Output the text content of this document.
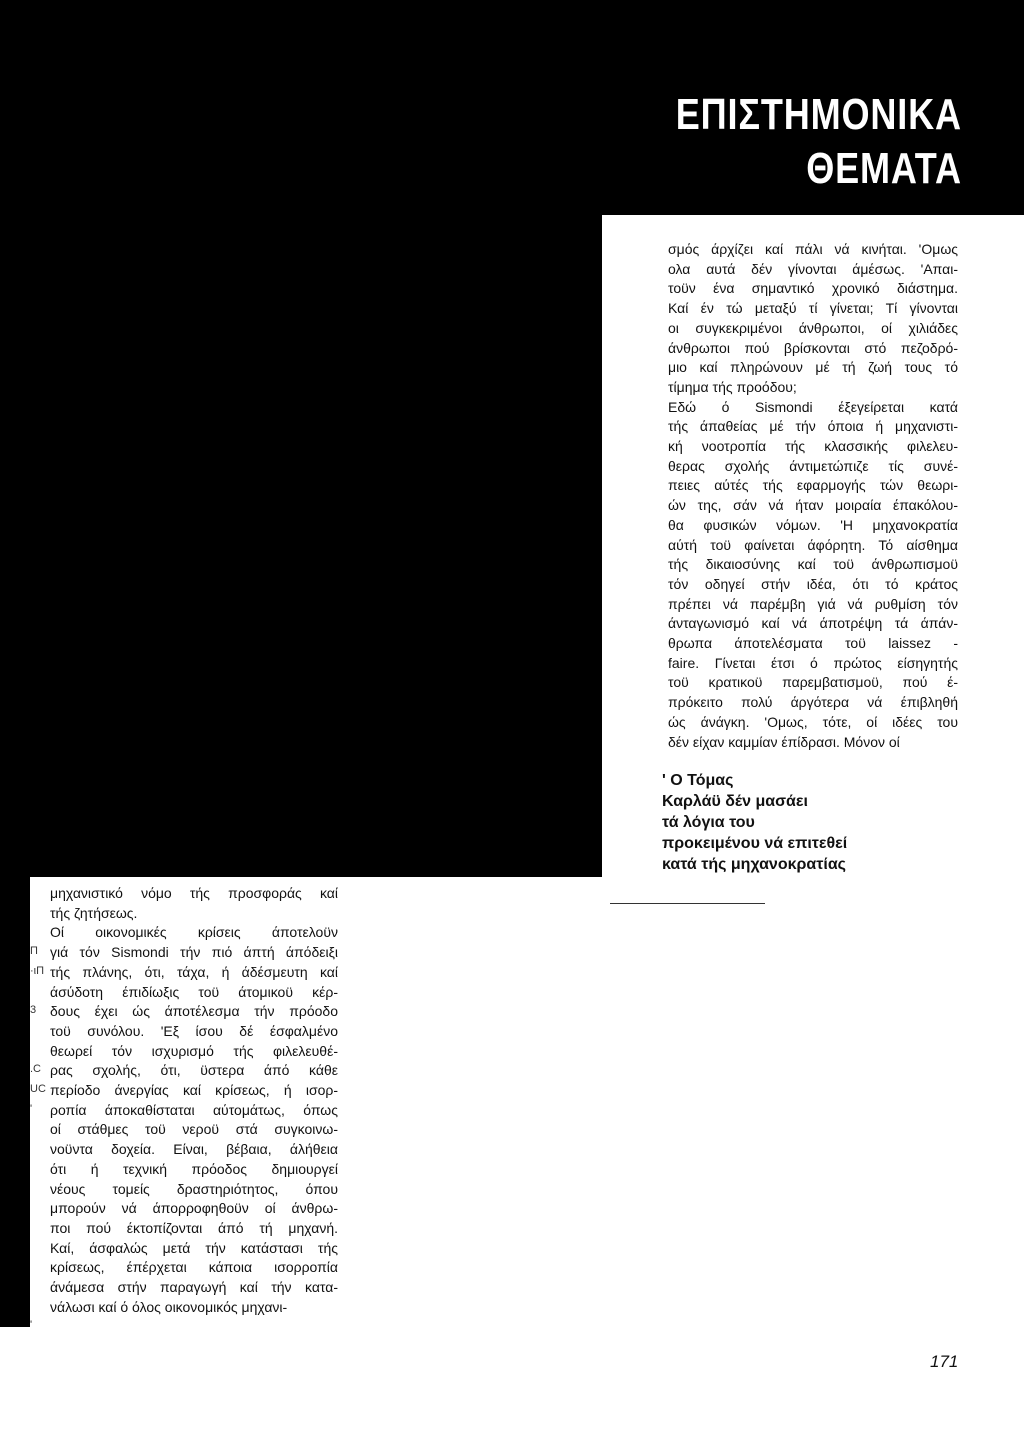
ΕΠΙΣΤΗΜΟΝΙΚΑ
ΘΕΜΑΤΑ
σμός άρχίζει καί πάλι νά κινήται. 'Ομως
ολα αυτά δέν γίνονται άμέσως. 'Απαι-
τοϋν ένα σημαντικό χρονικό διάστημα.
Καί έν τώ μεταξύ τί γίνεται; Τί γίνονται
οι συγκεκριμένοι άνθρωποι, οί χιλιάδες
άνθρωποι πού βρίσκονται στό πεζοδρό-
μιο καί πληρώνουν μέ τή ζωή τους τό
τίμημα τής προόδου;
Εδώ ό Sismondi έξεγείρεται κατά
τής άπαθείας μέ τήν όποια ή μηχανιστι-
κή νοοτροπία τής κλασσικής φιλελευ-
θερας σχολής άντιμετώπιζε τίς συνέ-
πειες αύτές τής εφαρμογής τών θεωρι-
ών της, σάν νά ήταν μοιραία έπακόλου-
θα φυσικών νόμων. 'Η μηχανοκρατία
αύτή τοϋ φαίνεται άφόρητη. Τό αίσθημα
τής δικαιοσύνης καί τοϋ άνθρωπισμοϋ
τόν οδηγεί στήν ιδέα, ότι τό κράτος
πρέπει νά παρέμβη γιά νά ρυθμίση τόν
άνταγωνισμό καί νά άποτρέψη τά άπάν-
θρωπα άποτελέσματα τοϋ laissez -
faire. Γίνεται έτσι ό πρώτος είσηγητής
τοϋ κρατικοϋ παρεμβατισμοϋ, πού έ-
πρόκειτο πολύ άργότερα νά έπιβληθή
ώς άνάγκη. 'Ομως, τότε, οί ιδέες του
δέν είχαν καμμίαν έπίδρασι. Μόνον οί
' Ο Τόμας
Καρλάϋ δέν μασάει
τά λόγια του
προκειμένου νά επιτεθεί
κατά τής μηχανοκρατίας
μηχανιστικό νόμο τής προσφοράς καί
τής ζητήσεως.
Οί οικονομικές κρίσεις άποτελοϋν
γιά τόν Sismondi τήν πιό άπτή άπόδειξι
τής πλάνης, ότι, τάχα, ή άδέσμευτη καί
άσύδοτη έπιδίωξις τοϋ άτομικοϋ κέρ-
δους έχει ώς άποτέλεσμα τήν πρόοδο
τοϋ συνόλου. 'Εξ ίσου δέ έσφαλμένο
θεωρεί τόν ισχυρισμό τής φιλελευθέ-
ρας σχολής, ότι, ϋστερα άπό κάθε
περίοδο άνεργίας καί κρίσεως, ή ισορ-
ροπία άποκαθίσταται αύτομάτως, όπως
οί στάθμες τοϋ νεροϋ στά συγκοινω-
νοϋντα δοχεία. Είναι, βέβαια, άλήθεια
ότι ή τεχνική πρόοδος δημιουργεί
νέους τομείς δραστηριότητος, όπου
μπορούν νά άπορροφηθοϋν οί άνθρω-
ποι πού έκτοπίζονται άπό τή μηχανή.
Καί, άσφαλώς μετά τήν κατάστασι τής
κρίσεως, έπέρχεται κάποια ισορροπία
άνάμεσα στήν παραγωγή καί τήν κατα-
νάλωσι καί ό όλος οικονομικός μηχανι-
Π
·ιΠ
3
.C
UC
'
'
171
